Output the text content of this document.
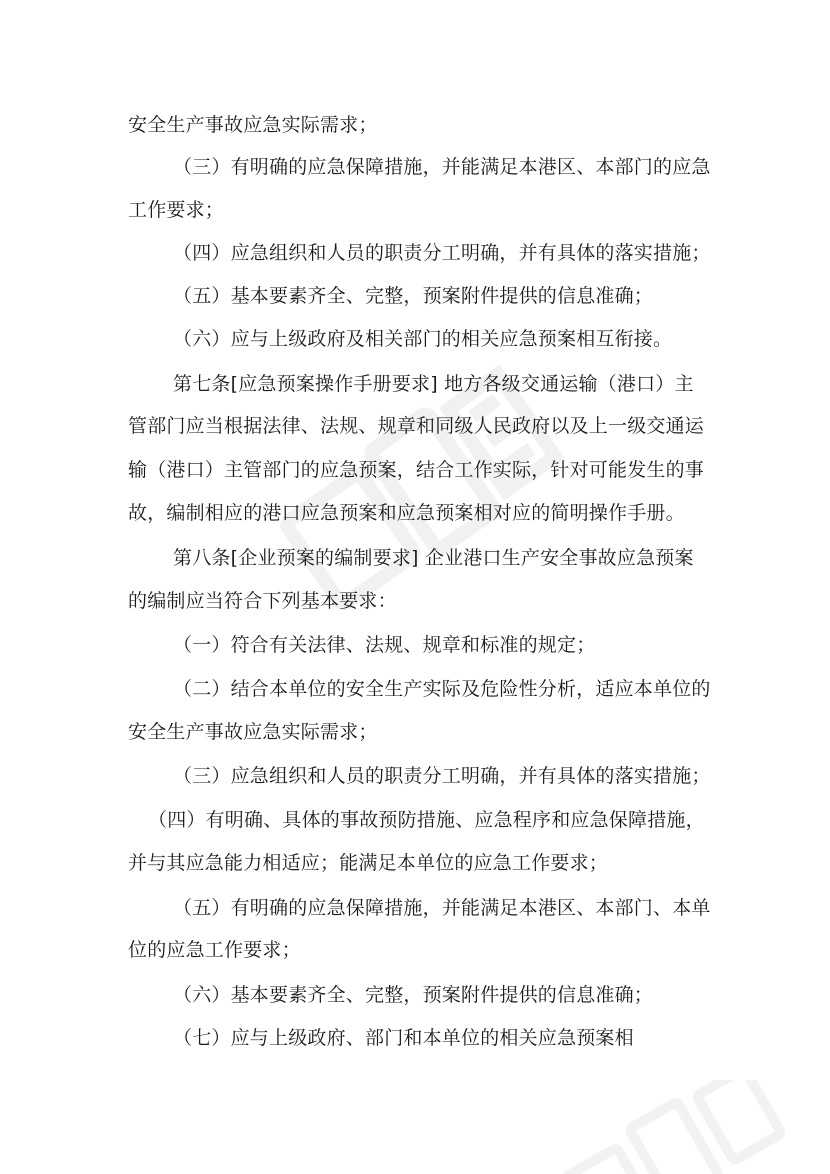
安全生产事故应急实际需求；
（三）有明确的应急保障措施，并能满足本港区、本部门的应急
工作要求；
（四）应急组织和人员的职责分工明确，并有具体的落实措施；
（五）基本要素齐全、完整，预案附件提供的信息准确；
（六）应与上级政府及相关部门的相关应急预案相互衔接。
第七条[应急预案操作手册要求] 地方各级交通运输（港口）主
管部门应当根据法律、法规、规章和同级人民政府以及上一级交通运
输（港口）主管部门的应急预案，结合工作实际，针对可能发生的事
故，编制相应的港口应急预案和应急预案相对应的简明操作手册。
第八条[企业预案的编制要求] 企业港口生产安全事故应急预案
的编制应当符合下列基本要求：
（一）符合有关法律、法规、规章和标准的规定；
（二）结合本单位的安全生产实际及危险性分析，适应本单位的
安全生产事故应急实际需求；
（三）应急组织和人员的职责分工明确，并有具体的落实措施；
（四）有明确、具体的事故预防措施、应急程序和应急保障措施，
并与其应急能力相适应；能满足本单位的应急工作要求；
（五）有明确的应急保障措施，并能满足本港区、本部门、本单
位的应急工作要求；
（六）基本要素齐全、完整，预案附件提供的信息准确；
（七）应与上级政府、部门和本单位的相关应急预案相
